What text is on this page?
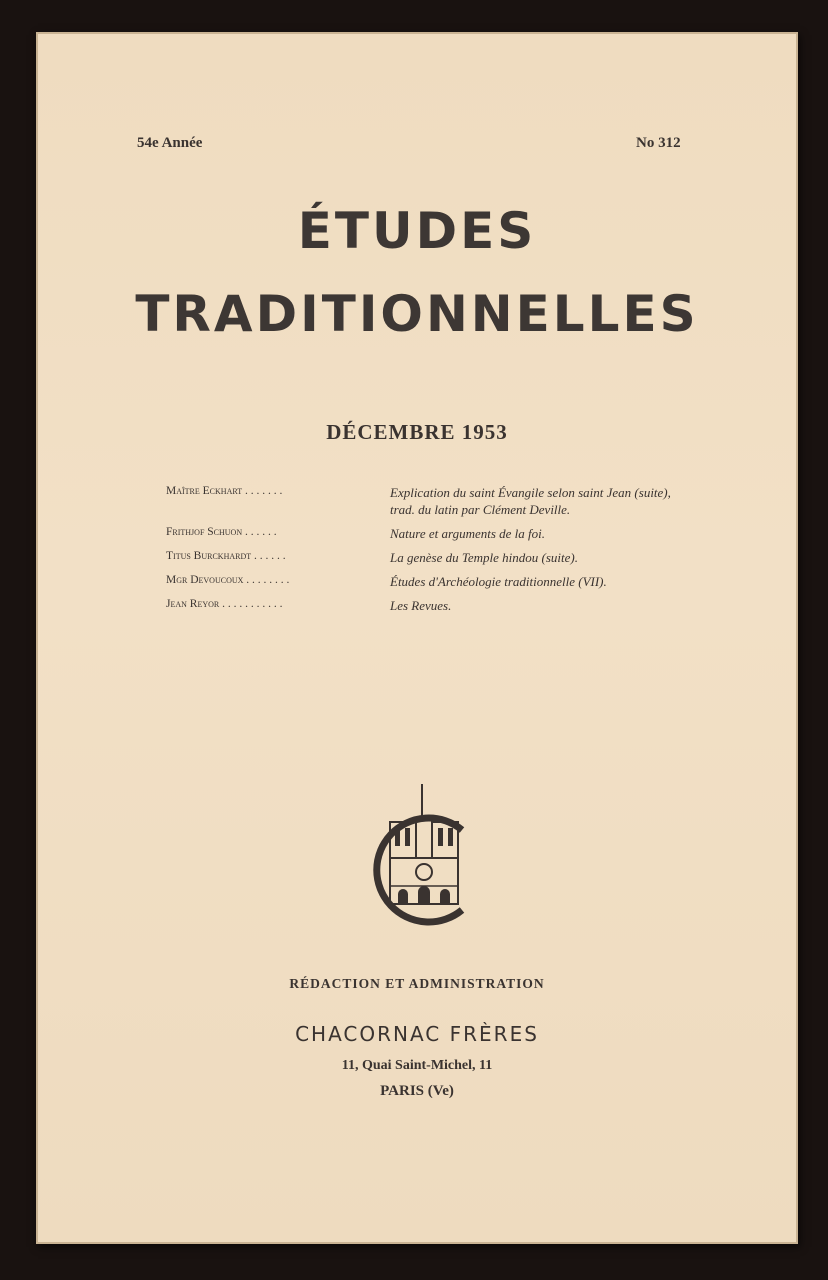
54e Année	No 312
ÉTUDES
TRADITIONNELLES
DÉCEMBRE 1953
Maître Eckhart . . . . . . .	Explication du saint Évangile selon saint Jean (suite), trad. du latin par Clément Deville.
Frithjof Schuon . . . . . .	Nature et arguments de la foi.
Titus Burckhardt . . . . . .	La genèse du Temple hindou (suite).
Mgr Devoucoux . . . . . . . .	Études d'Archéologie traditionnelle (VII).
Jean Reyor . . . . . . . . . . .	Les Revues.
RÉDACTION ET ADMINISTRATION
CHACORNAC FRÈRES
11, Quai Saint-Michel, 11
PARIS (Ve)
